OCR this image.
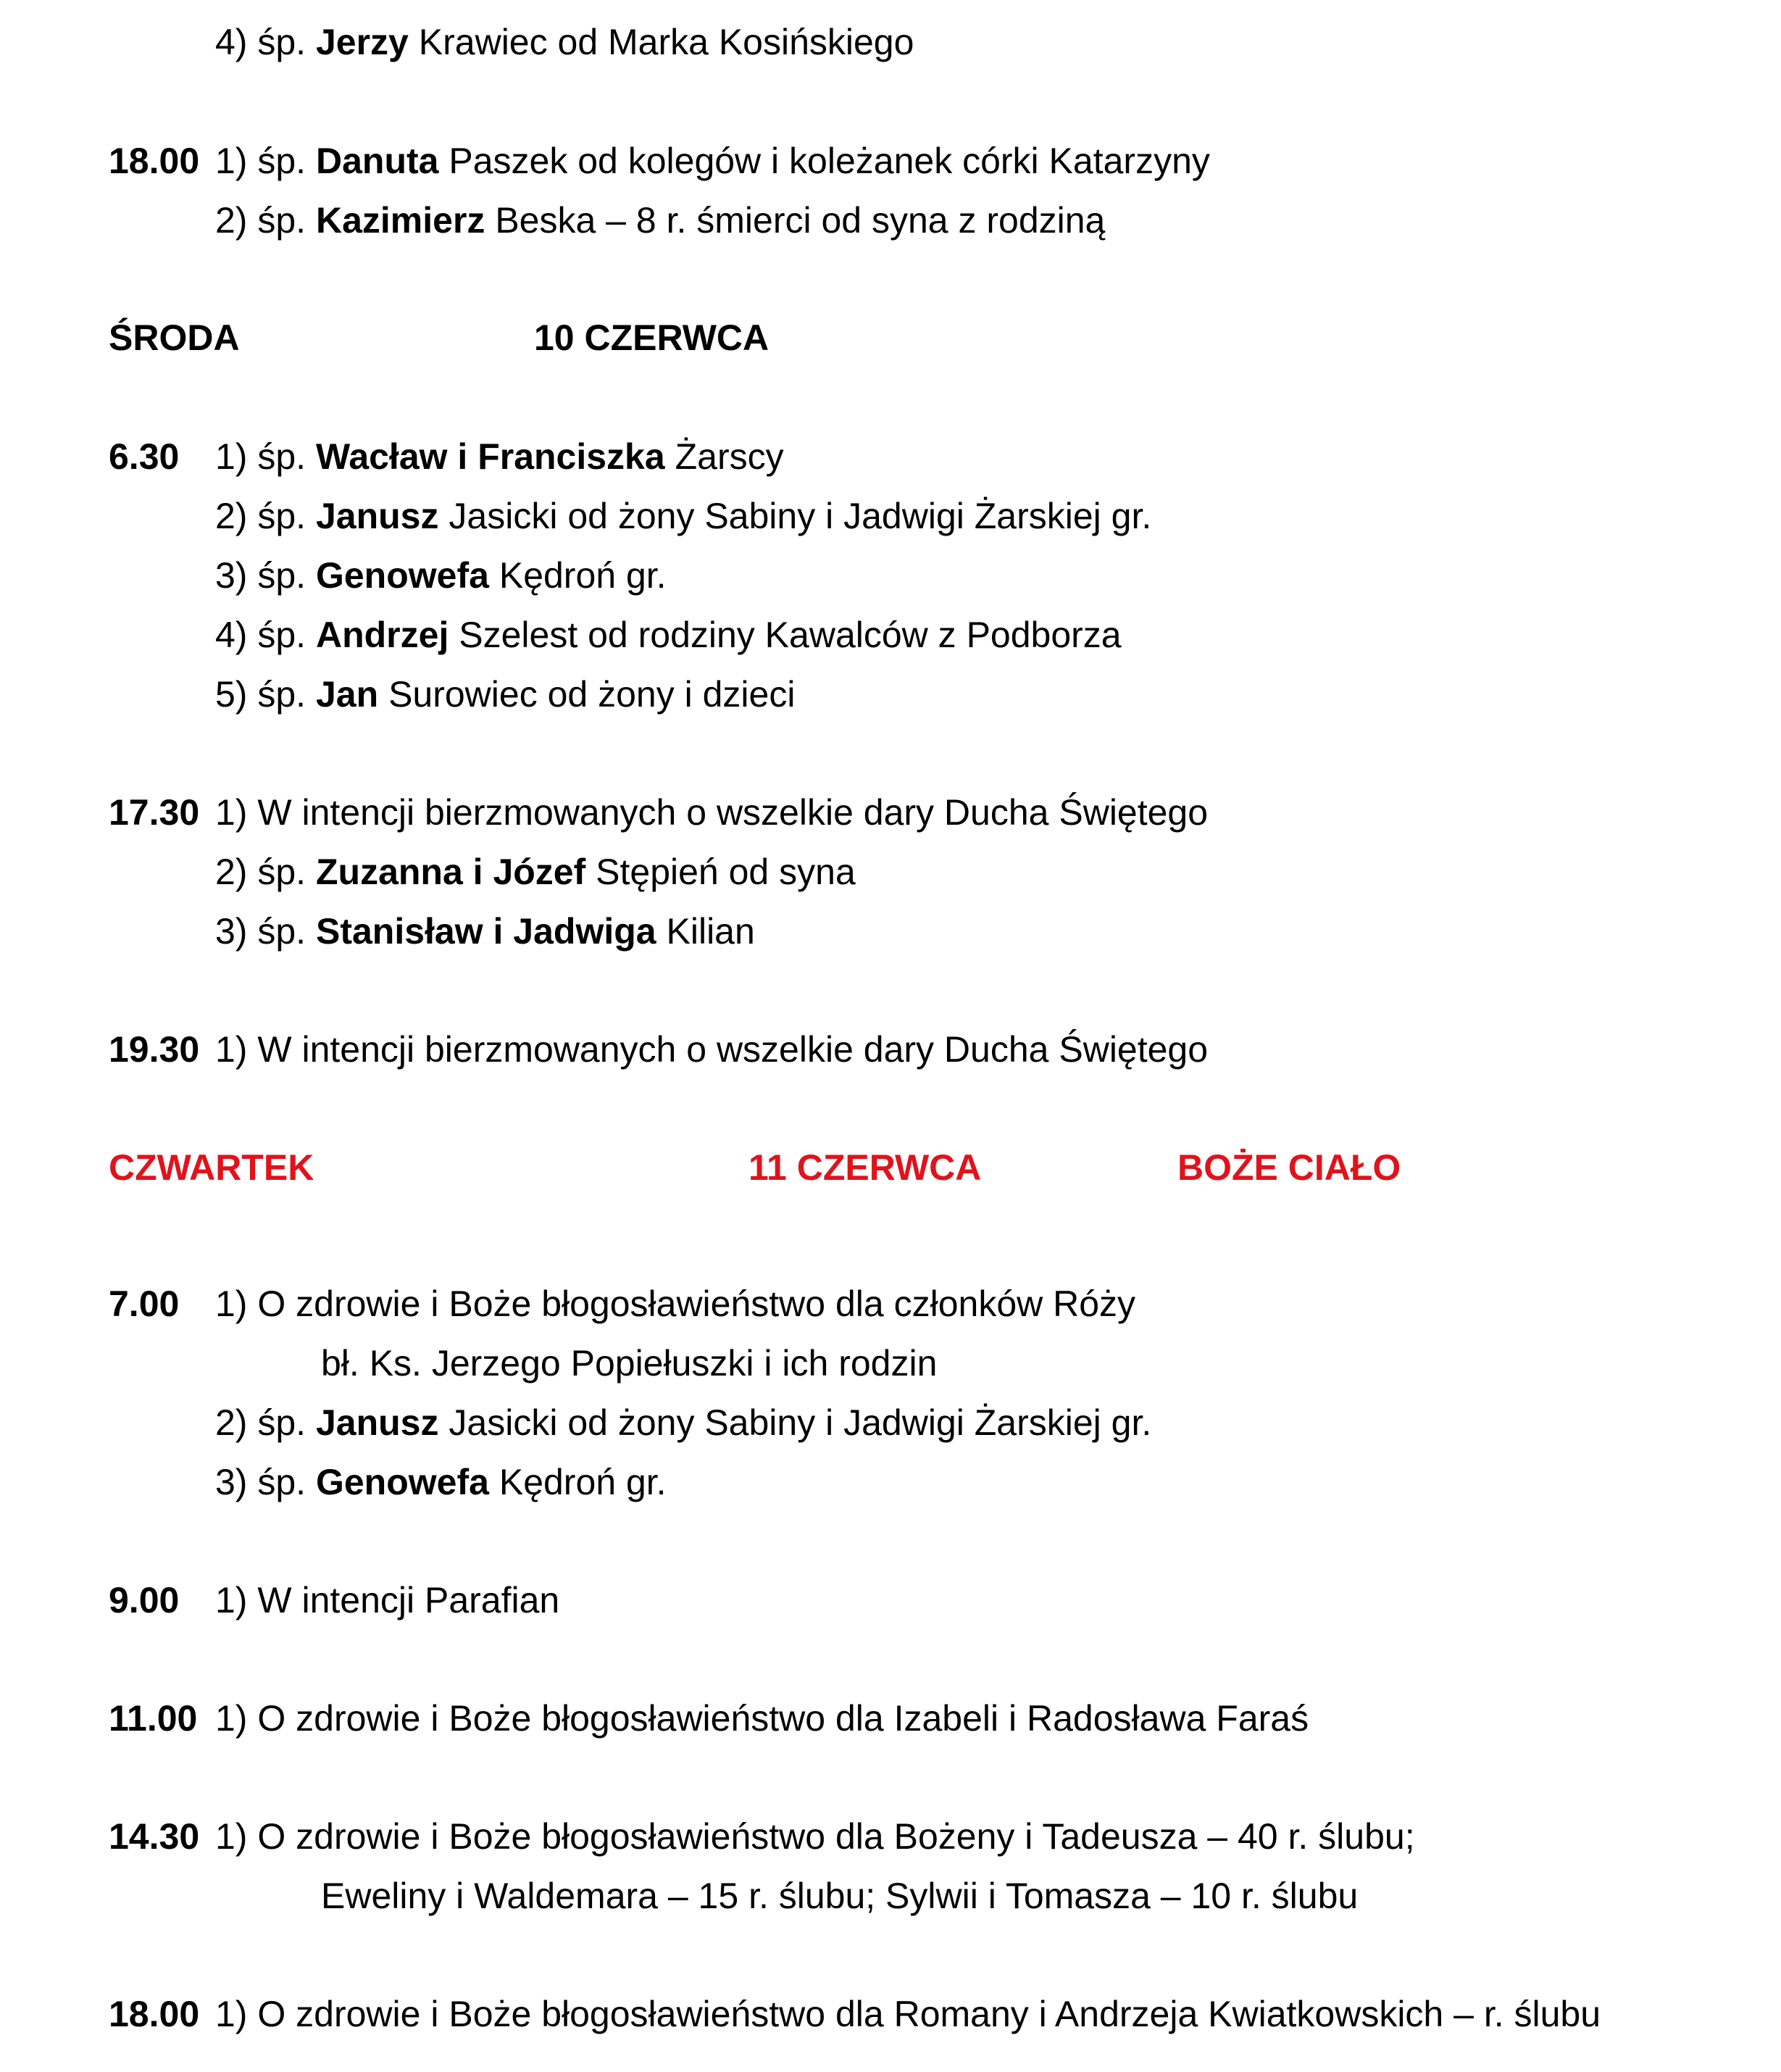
4) śp. Jerzy Krawiec od Marka Kosińskiego
18.00 1) śp. Danuta Paszek od kolegów i koleżanek córki Katarzyny
2) śp. Kazimierz Beska – 8 r. śmierci od syna z rodziną
ŚRODA	10 CZERWCA
6.30 1) śp. Wacław i Franciszka Żarscy
2) śp. Janusz Jasicki od żony Sabiny i Jadwigi Żarskiej gr.
3) śp. Genowefa Kędroń gr.
4) śp. Andrzej Szelest od rodziny Kawalców z Podborza
5) śp. Jan Surowiec od żony i dzieci
17.30 1) W intencji bierzmowanych o wszelkie dary Ducha Świętego
2) śp. Zuzanna i Józef Stępień od syna
3) śp. Stanisław i Jadwiga Kilian
19.30 1) W intencji bierzmowanych o wszelkie dary Ducha Świętego
CZWARTEK	11 CZERWCA	BOŻE CIAŁO
7.00 1) O zdrowie i Boże błogosławieństwo dla członków Róży
bł. Ks. Jerzego Popiełuszki i ich rodzin
2) śp. Janusz Jasicki od żony Sabiny i Jadwigi Żarskiej gr.
3) śp. Genowefa Kędroń gr.
9.00 1) W intencji Parafian
11.00 1) O zdrowie i Boże błogosławieństwo dla Izabeli i Radosława Faraś
14.30 1) O zdrowie i Boże błogosławieństwo dla Bożeny i Tadeusza – 40 r. ślubu;
Eweliny i Waldemara – 15 r. ślubu; Sylwii i Tomasza – 10 r. ślubu
18.00 1) O zdrowie i Boże błogosławieństwo dla Romany i Andrzeja Kwiatkowskich – r. ślubu
